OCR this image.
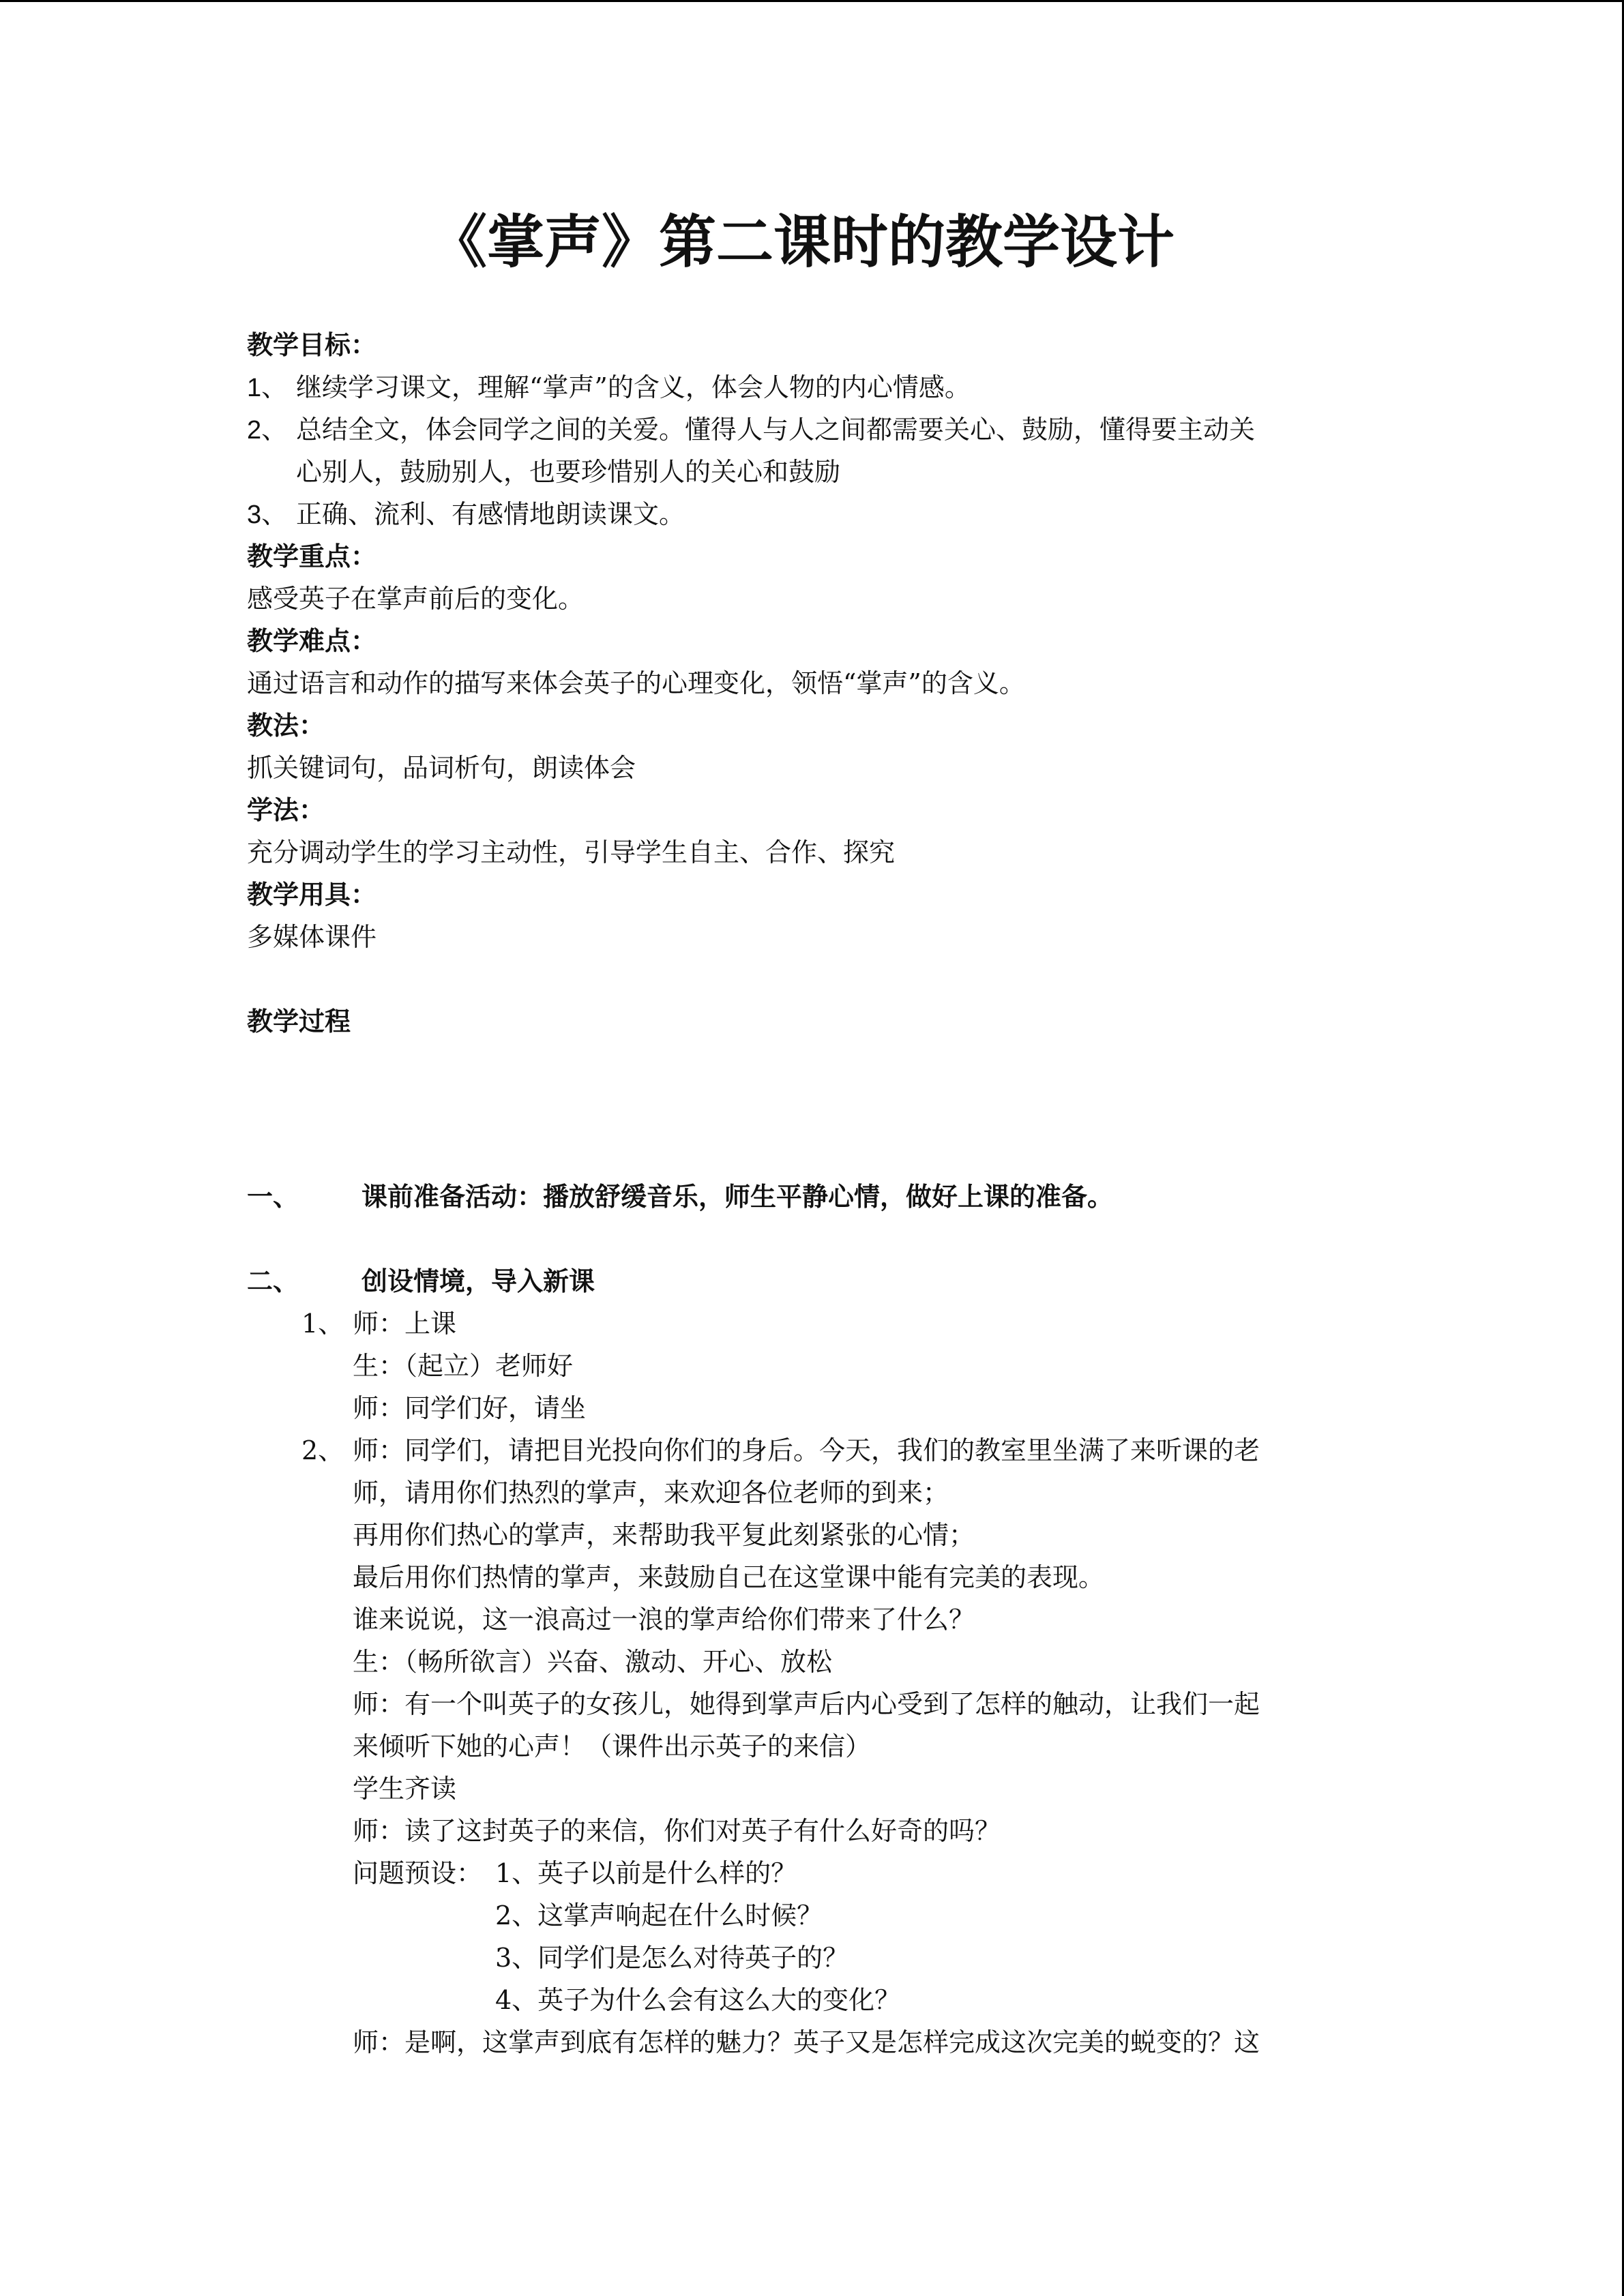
《掌声》第二课时的教学设计
教学目标：
1、 继续学习课文，理解“掌声”的含义，体会人物的内心情感。
2、 总结全文，体会同学之间的关爱。懂得人与人之间都需要关心、鼓励，懂得要主动关
心别人，鼓励别人，也要珍惜别人的关心和鼓励
3、 正确、流利、有感情地朗读课文。
教学重点：
感受英子在掌声前后的变化。
教学难点：
通过语言和动作的描写来体会英子的心理变化，领悟“掌声”的含义。
教法：
抓关键词句，品词析句，朗读体会
学法：
充分调动学生的学习主动性，引导学生自主、合作、探究
教学用具：
多媒体课件
教学过程
一、 课前准备活动：播放舒缓音乐，师生平静心情，做好上课的准备。
二、 创设情境，导入新课
1、 师：上课
生：（起立）老师好
师：同学们好，请坐
2、 师：同学们，请把目光投向你们的身后。今天，我们的教室里坐满了来听课的老
师，请用你们热烈的掌声，来欢迎各位老师的到来；
再用你们热心的掌声，来帮助我平复此刻紧张的心情；
最后用你们热情的掌声，来鼓励自己在这堂课中能有完美的表现。
谁来说说，这一浪高过一浪的掌声给你们带来了什么？
生：（畅所欲言）兴奋、激动、开心、放松
师：有一个叫英子的女孩儿，她得到掌声后内心受到了怎样的触动，让我们一起
来倾听下她的心声！（课件出示英子的来信）
学生齐读
师：读了这封英子的来信，你们对英子有什么好奇的吗？
问题预设： 1、英子以前是什么样的？
2、这掌声响起在什么时候？
3、同学们是怎么对待英子的？
4、英子为什么会有这么大的变化？
师：是啊，这掌声到底有怎样的魅力？英子又是怎样完成这次完美的蜕变的？这
